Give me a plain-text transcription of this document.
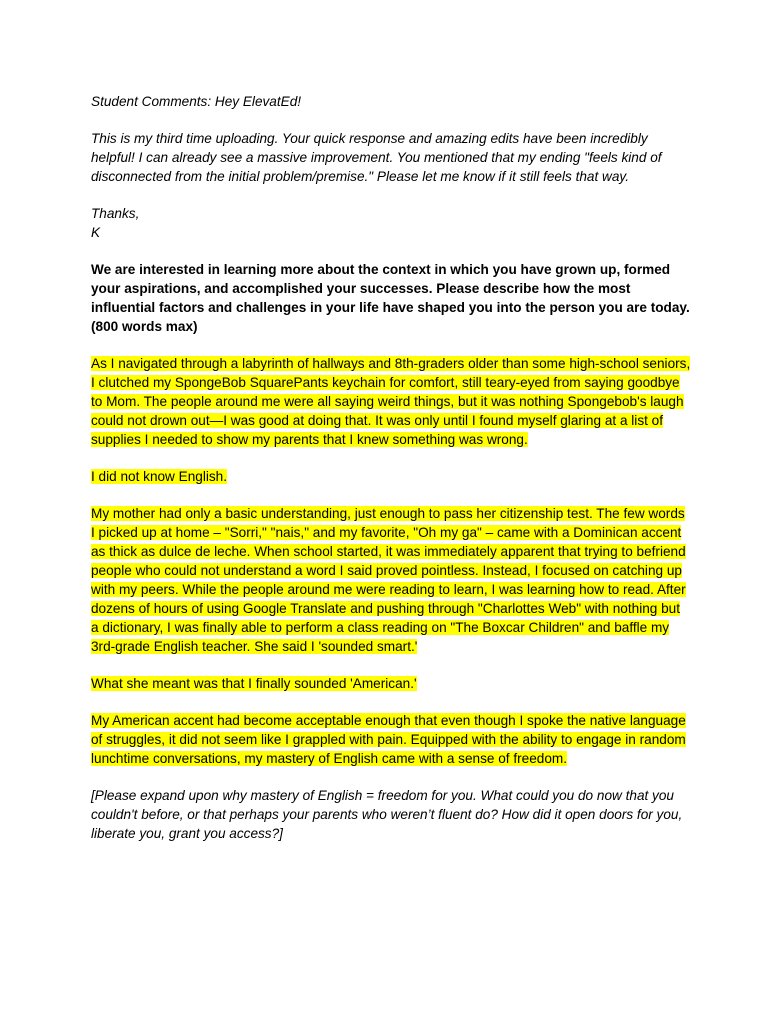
Student Comments: Hey ElevatEd!

This is my third time uploading. Your quick response and amazing edits have been incredibly helpful! I can already see a massive improvement. You mentioned that my ending "feels kind of disconnected from the initial problem/premise." Please let me know if it still feels that way.

Thanks,
K

We are interested in learning more about the context in which you have grown up, formed your aspirations, and accomplished your successes. Please describe how the most influential factors and challenges in your life have shaped you into the person you are today. (800 words max)

As I navigated through a labyrinth of hallways and 8th-graders older than some high-school seniors, I clutched my SpongeBob SquarePants keychain for comfort, still teary-eyed from saying goodbye to Mom. The people around me were all saying weird things, but it was nothing Spongebob's laugh could not drown out—I was good at doing that. It was only until I found myself glaring at a list of supplies I needed to show my parents that I knew something was wrong.

I did not know English.

My mother had only a basic understanding, just enough to pass her citizenship test. The few words I picked up at home – "Sorri," "nais," and my favorite, "Oh my ga" – came with a Dominican accent as thick as dulce de leche. When school started, it was immediately apparent that trying to befriend people who could not understand a word I said proved pointless. Instead, I focused on catching up with my peers. While the people around me were reading to learn, I was learning how to read. After dozens of hours of using Google Translate and pushing through "Charlottes Web" with nothing but a dictionary, I was finally able to perform a class reading on "The Boxcar Children" and baffle my 3rd-grade English teacher. She said I 'sounded smart.'

What she meant was that I finally sounded 'American.'

My American accent had become acceptable enough that even though I spoke the native language of struggles, it did not seem like I grappled with pain. Equipped with the ability to engage in random lunchtime conversations, my mastery of English came with a sense of freedom.

[Please expand upon why mastery of English = freedom for you. What could you do now that you couldn't before, or that perhaps your parents who weren’t fluent do? How did it open doors for you, liberate you, grant you access?]
